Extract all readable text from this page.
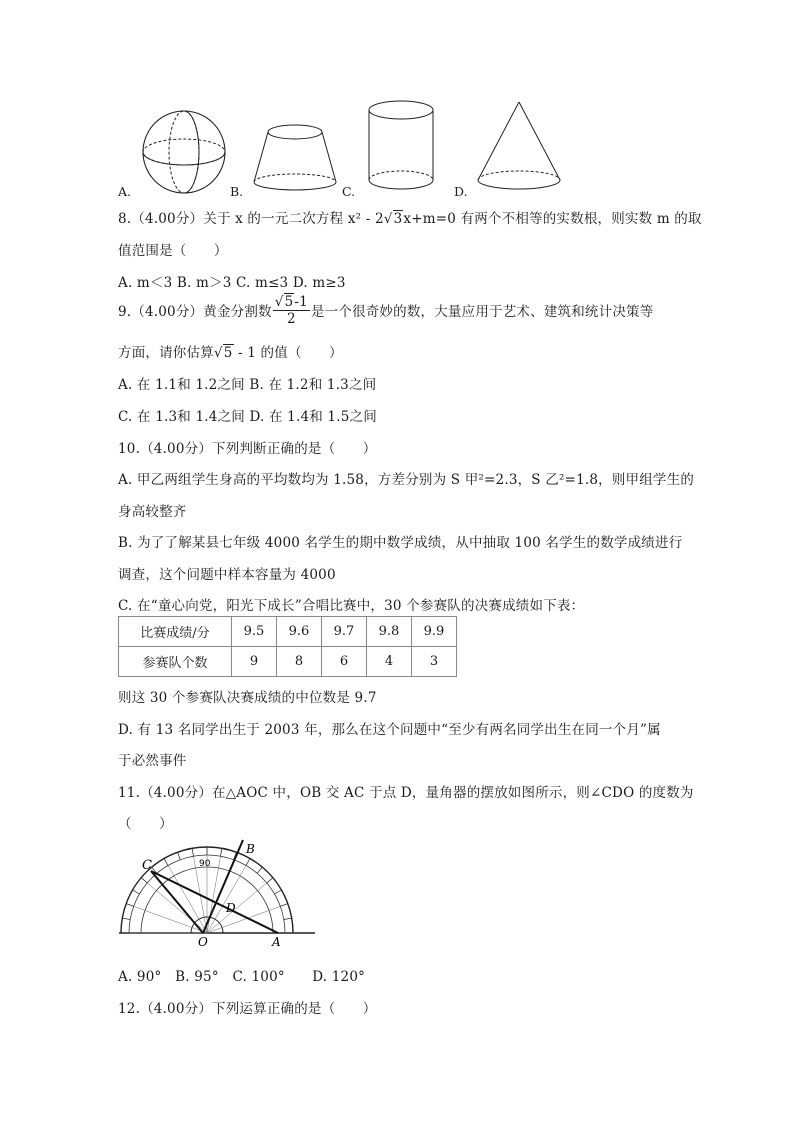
A.	B.	C.	D.
8.（4.00分）关于 x 的一元二次方程 x² - 2√3x+m=0 有两个不相等的实数根，则实数 m 的取
值范围是（　　）
A. m＜3 B. m＞3 C. m≤3 D. m≥3
9.（4.00分）黄金分割数 $\frac{√5-1}{2}$ 是一个很奇妙的数，大量应用于艺术、建筑和统计决策等
方面，请你估算√5 - 1 的值（　　）
A. 在 1.1和 1.2之间 B. 在 1.2和 1.3之间
C. 在 1.3和 1.4之间 D. 在 1.4和 1.5之间
10.（4.00分）下列判断正确的是（　　）
A. 甲乙两组学生身高的平均数均为 1.58，方差分别为 S 甲²=2.3，S 乙²=1.8，则甲组学生的
身高较整齐
B. 为了了解某县七年级 4000 名学生的期中数学成绩，从中抽取 100 名学生的数学成绩进行
调查，这个问题中样本容量为 4000
C. 在“童心向党，阳光下成长”合唱比赛中，30 个参赛队的决赛成绩如下表：
比赛成绩/分	9.5	9.6	9.7	9.8	9.9
参赛队个数	9	8	6	4	3
则这 30 个参赛队决赛成绩的中位数是 9.7
D. 有 13 名同学出生于 2003 年，那么在这个问题中“至少有两名同学出生在同一个月”属
于必然事件
11.（4.00分）在△AOC 中，OB 交 AC 于点 D，量角器的摆放如图所示，则∠CDO 的度数为
（　　）
C
B
D
O	A
90
A. 90°　B. 95°　C. 100°　　D. 120°
12.（4.00分）下列运算正确的是（　　）
